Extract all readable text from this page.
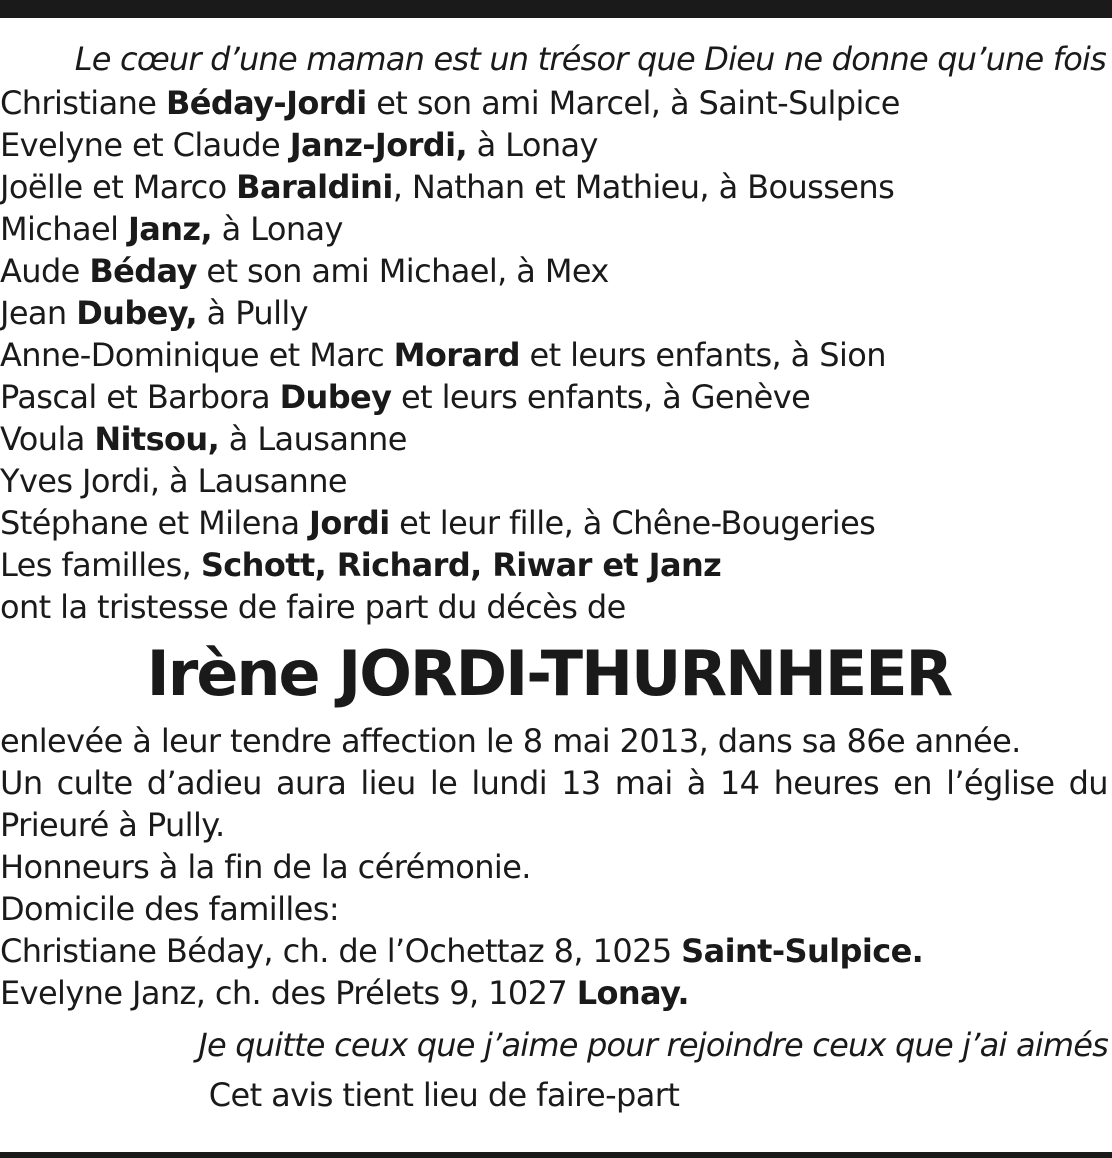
Le cœur d’une maman est un trésor que Dieu ne donne qu’une fois
Christiane Béday-Jordi et son ami Marcel, à Saint-Sulpice
Evelyne et Claude Janz-Jordi, à Lonay
Joëlle et Marco Baraldini, Nathan et Mathieu, à Boussens
Michael Janz, à Lonay
Aude Béday et son ami Michael, à Mex
Jean Dubey, à Pully
Anne-Dominique et Marc Morard et leurs enfants, à Sion
Pascal et Barbora Dubey et leurs enfants, à Genève
Voula Nitsou, à Lausanne
Yves Jordi, à Lausanne
Stéphane et Milena Jordi et leur fille, à Chêne-Bougeries
Les familles, Schott, Richard, Riwar et Janz
ont la tristesse de faire part du décès de
Irène JORDI-THURNHEER
enlevée à leur tendre affection le 8 mai 2013, dans sa 86e année.
Un culte d’adieu aura lieu le lundi 13 mai à 14 heures en l’église du Prieuré à Pully.
Honneurs à la fin de la cérémonie.
Domicile des familles:
Christiane Béday, ch. de l’Ochettaz 8, 1025 Saint-Sulpice.
Evelyne Janz, ch. des Prélets 9, 1027 Lonay.
Je quitte ceux que j’aime pour rejoindre ceux que j’ai aimés
Cet avis tient lieu de faire-part
